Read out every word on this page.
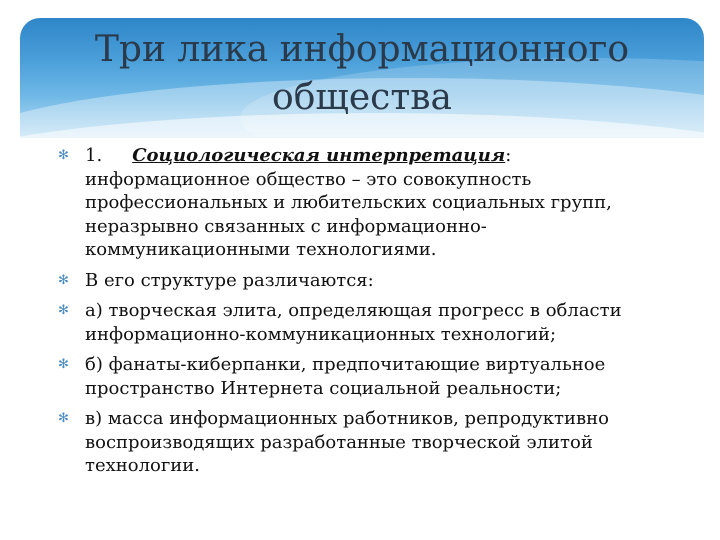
Три лика информационного
общества
✻ 1. Социологическая интерпретация: информационное общество – это совокупность профессиональных и любительских социальных групп, неразрывно связанных с информационно-коммуникационными технологиями.
✻ В его структуре различаются:
✻ а) творческая элита, определяющая прогресс в области информационно-коммуникационных технологий;
✻ б) фанаты-киберпанки, предпочитающие виртуальное пространство Интернета социальной реальности;
✻ в) масса информационных работников, репродуктивно воспроизводящих разработанные творческой элитой технологии.
